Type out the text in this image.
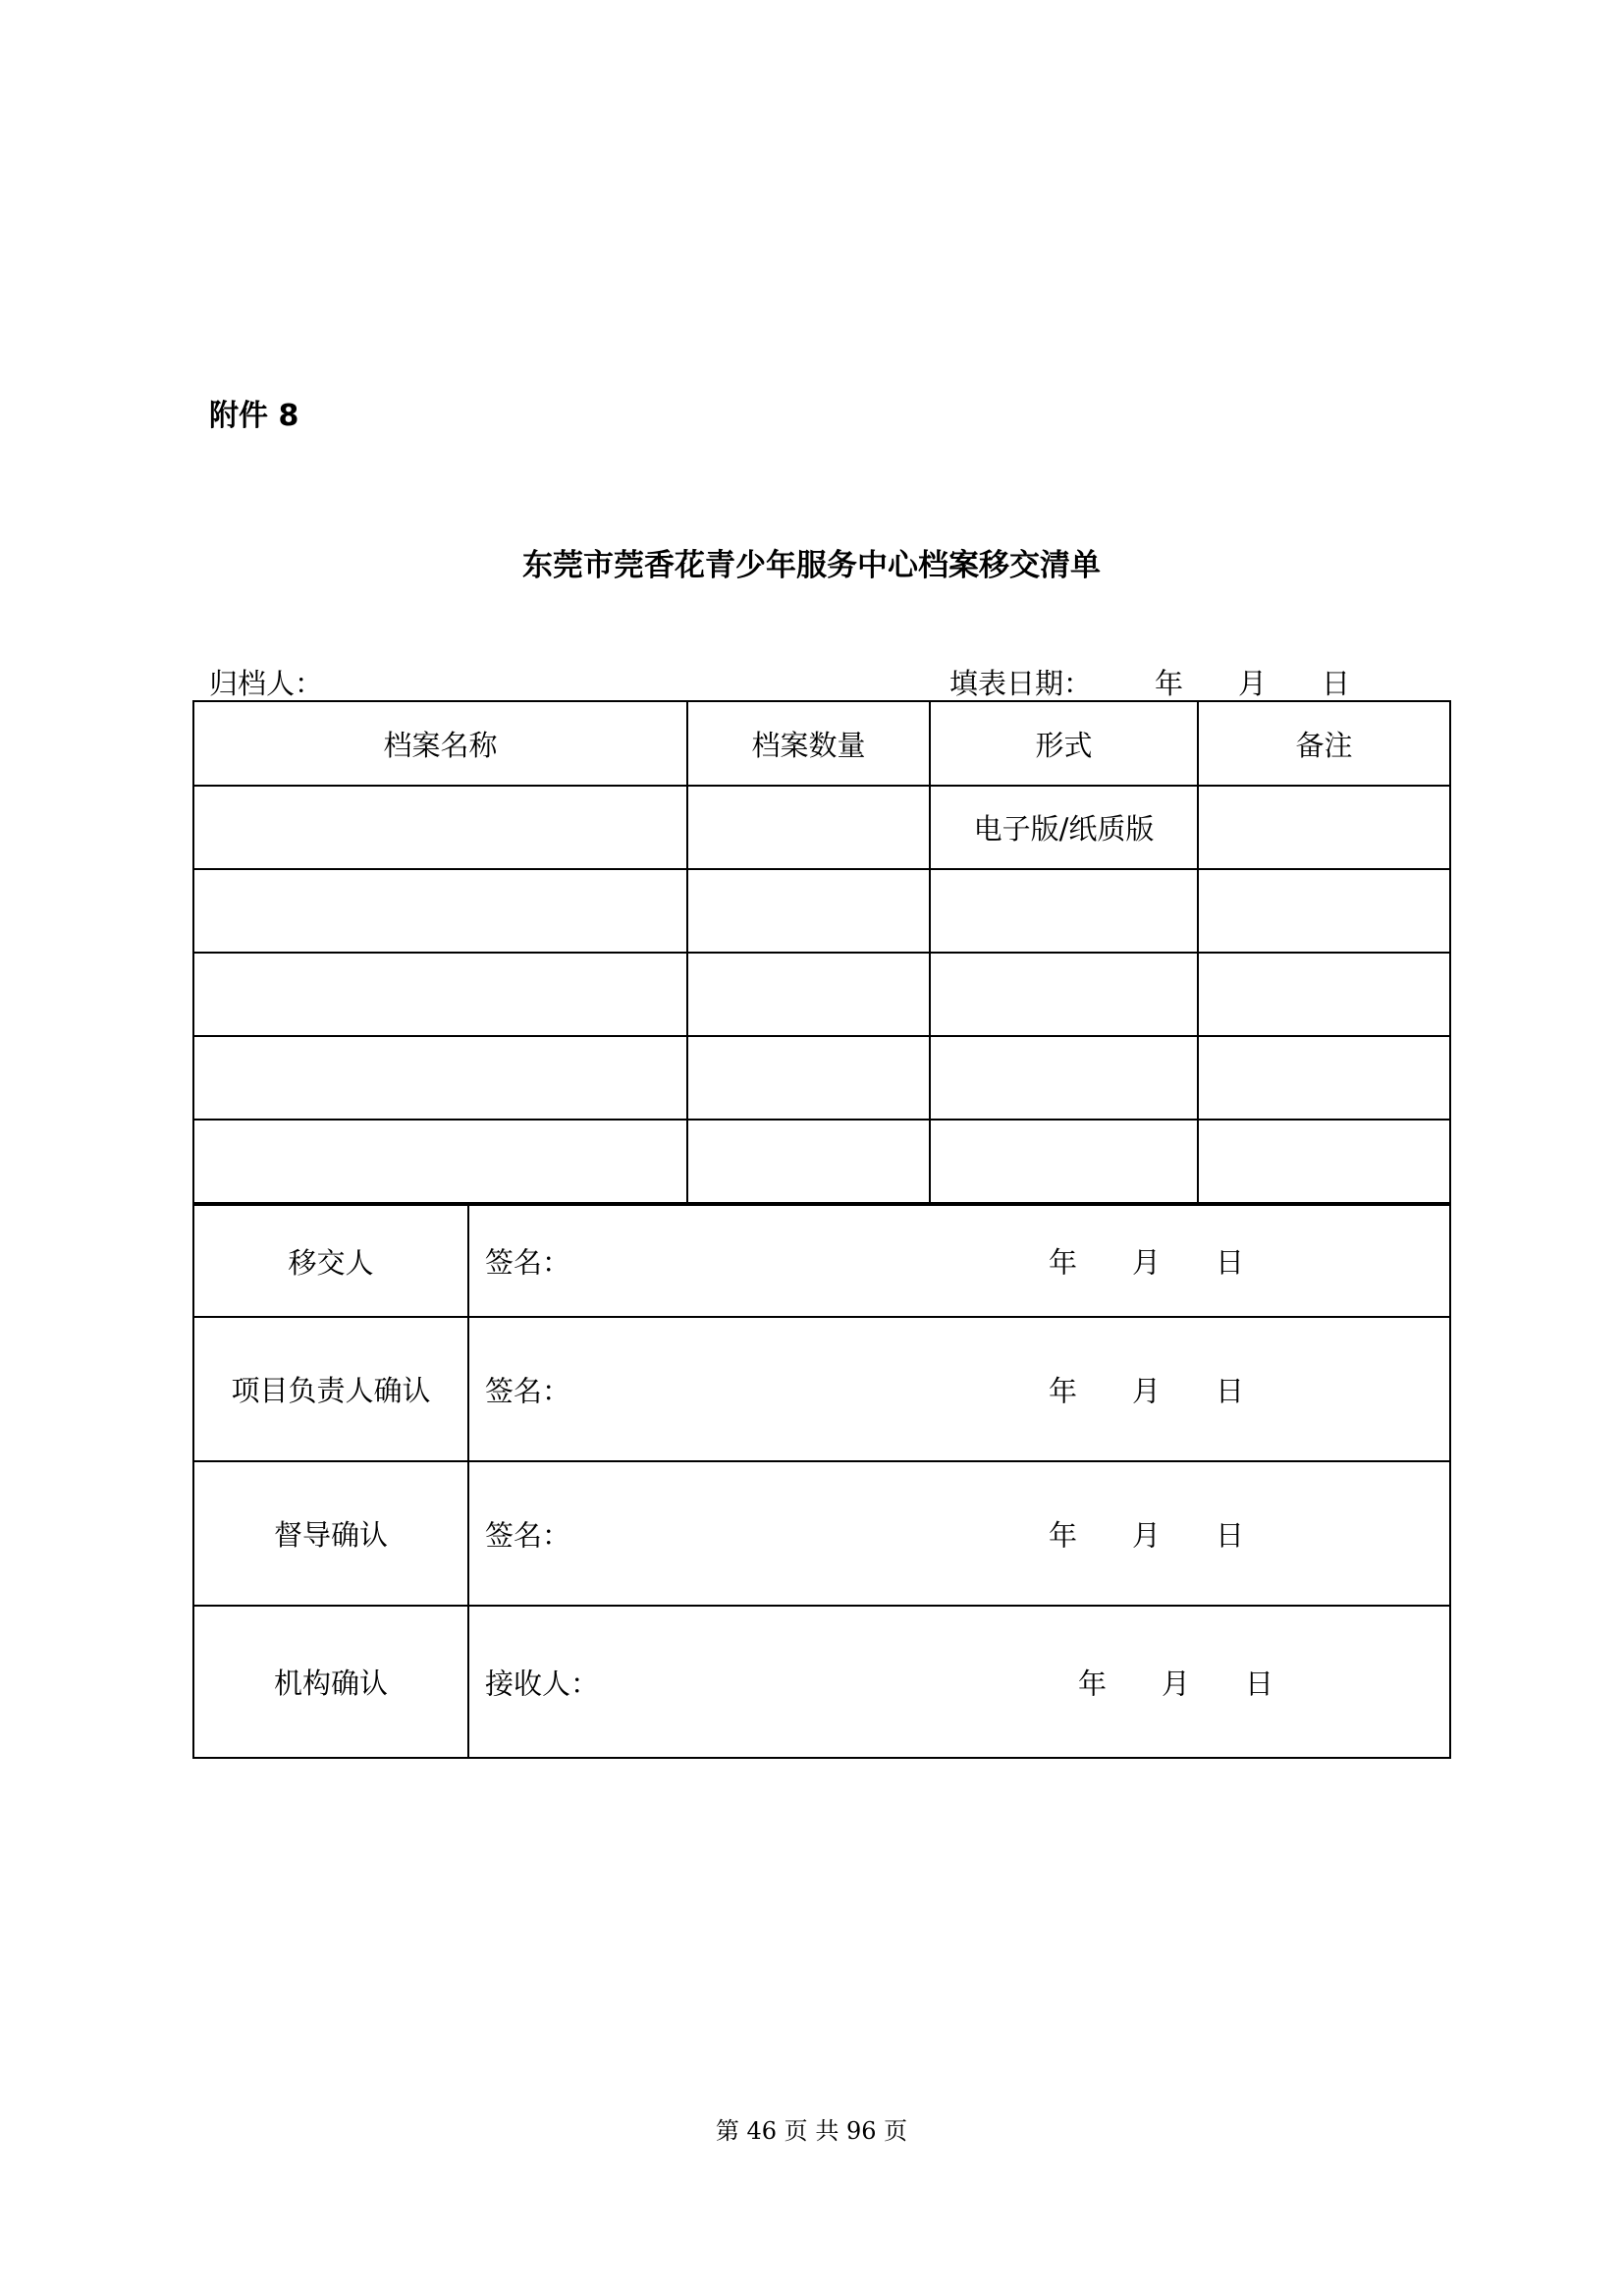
附件 8
东莞市莞香花青少年服务中心档案移交清单
归档人：	填表日期： 年 月 日
档案名称	档案数量	形式	备注
		电子版/纸质版	

移交人	签名： 年 月 日

项目负责人确认	签名： 年 月 日

督导确认	签名： 年 月 日

机构确认	接收人： 年 月 日
第 46 页 共 96 页
